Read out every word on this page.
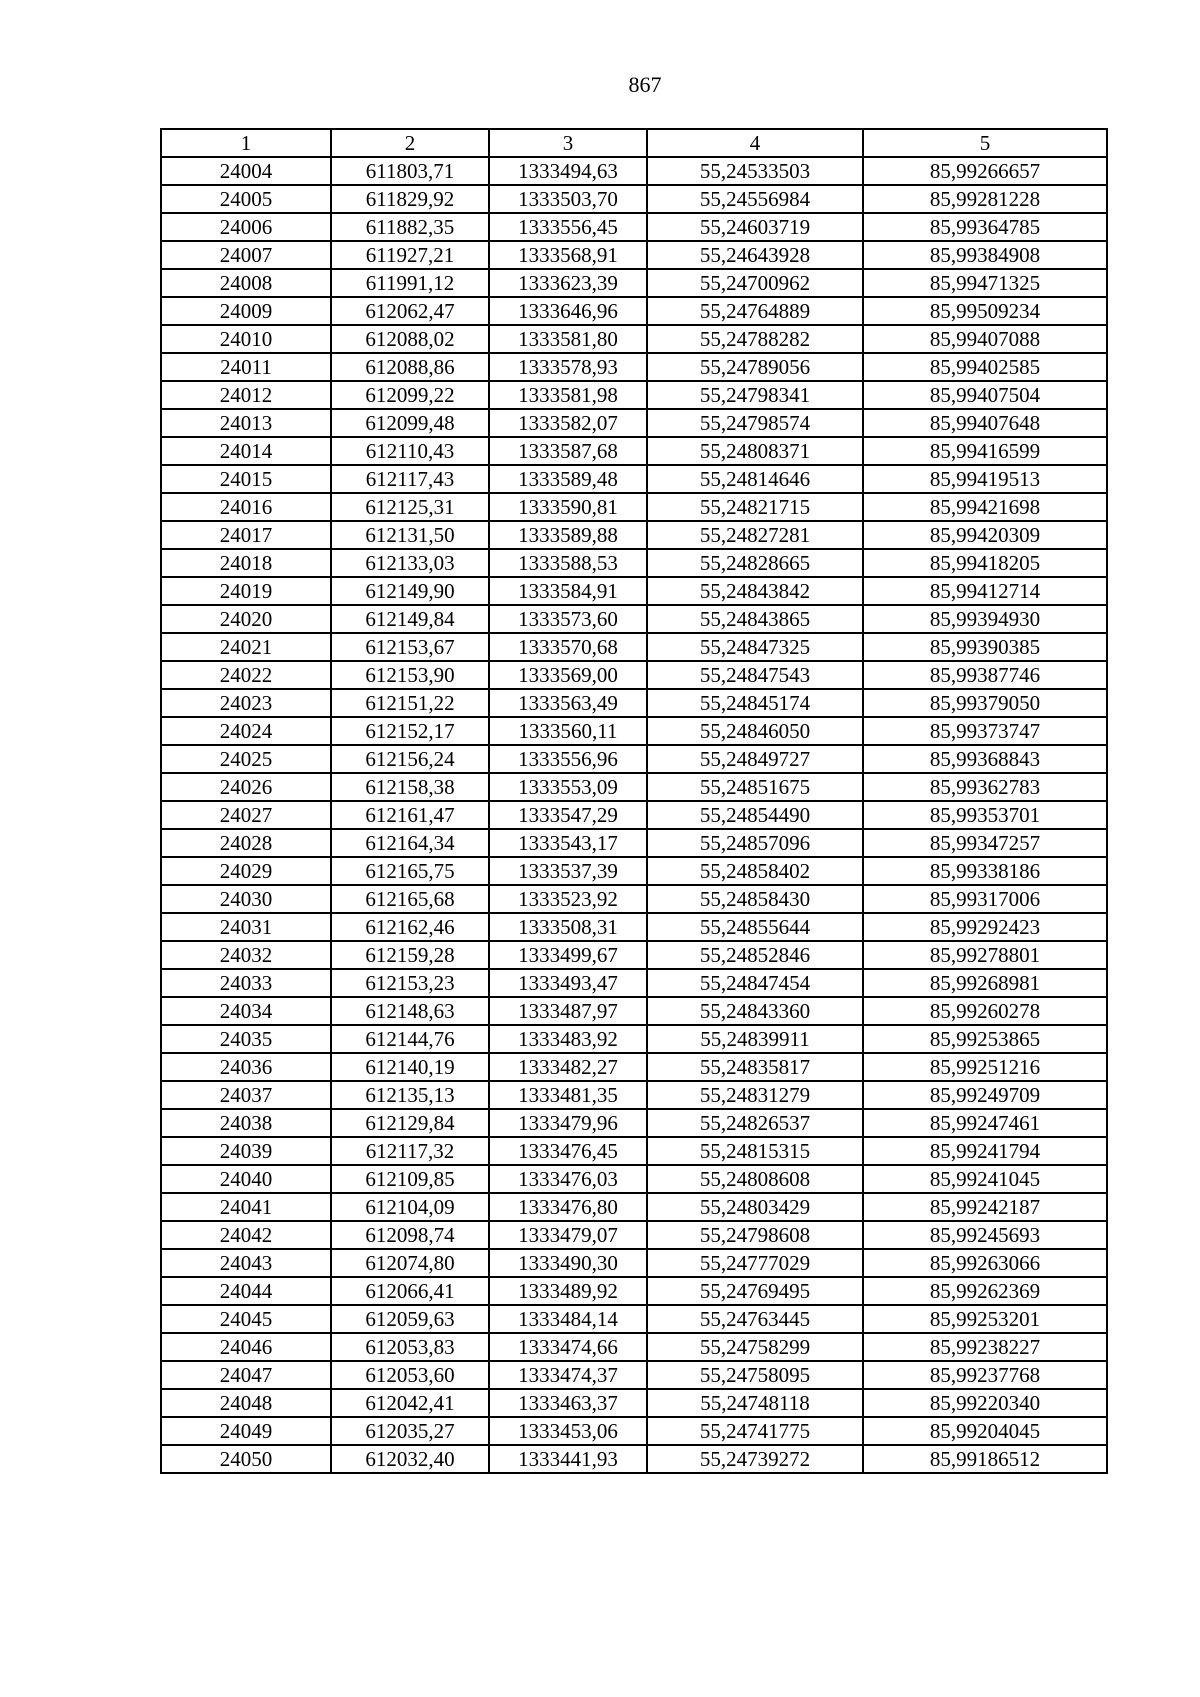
867
1	2	3	4	5
24004	611803,71	1333494,63	55,24533503	85,99266657
24005	611829,92	1333503,70	55,24556984	85,99281228
24006	611882,35	1333556,45	55,24603719	85,99364785
24007	611927,21	1333568,91	55,24643928	85,99384908
24008	611991,12	1333623,39	55,24700962	85,99471325
24009	612062,47	1333646,96	55,24764889	85,99509234
24010	612088,02	1333581,80	55,24788282	85,99407088
24011	612088,86	1333578,93	55,24789056	85,99402585
24012	612099,22	1333581,98	55,24798341	85,99407504
24013	612099,48	1333582,07	55,24798574	85,99407648
24014	612110,43	1333587,68	55,24808371	85,99416599
24015	612117,43	1333589,48	55,24814646	85,99419513
24016	612125,31	1333590,81	55,24821715	85,99421698
24017	612131,50	1333589,88	55,24827281	85,99420309
24018	612133,03	1333588,53	55,24828665	85,99418205
24019	612149,90	1333584,91	55,24843842	85,99412714
24020	612149,84	1333573,60	55,24843865	85,99394930
24021	612153,67	1333570,68	55,24847325	85,99390385
24022	612153,90	1333569,00	55,24847543	85,99387746
24023	612151,22	1333563,49	55,24845174	85,99379050
24024	612152,17	1333560,11	55,24846050	85,99373747
24025	612156,24	1333556,96	55,24849727	85,99368843
24026	612158,38	1333553,09	55,24851675	85,99362783
24027	612161,47	1333547,29	55,24854490	85,99353701
24028	612164,34	1333543,17	55,24857096	85,99347257
24029	612165,75	1333537,39	55,24858402	85,99338186
24030	612165,68	1333523,92	55,24858430	85,99317006
24031	612162,46	1333508,31	55,24855644	85,99292423
24032	612159,28	1333499,67	55,24852846	85,99278801
24033	612153,23	1333493,47	55,24847454	85,99268981
24034	612148,63	1333487,97	55,24843360	85,99260278
24035	612144,76	1333483,92	55,24839911	85,99253865
24036	612140,19	1333482,27	55,24835817	85,99251216
24037	612135,13	1333481,35	55,24831279	85,99249709
24038	612129,84	1333479,96	55,24826537	85,99247461
24039	612117,32	1333476,45	55,24815315	85,99241794
24040	612109,85	1333476,03	55,24808608	85,99241045
24041	612104,09	1333476,80	55,24803429	85,99242187
24042	612098,74	1333479,07	55,24798608	85,99245693
24043	612074,80	1333490,30	55,24777029	85,99263066
24044	612066,41	1333489,92	55,24769495	85,99262369
24045	612059,63	1333484,14	55,24763445	85,99253201
24046	612053,83	1333474,66	55,24758299	85,99238227
24047	612053,60	1333474,37	55,24758095	85,99237768
24048	612042,41	1333463,37	55,24748118	85,99220340
24049	612035,27	1333453,06	55,24741775	85,99204045
24050	612032,40	1333441,93	55,24739272	85,99186512
